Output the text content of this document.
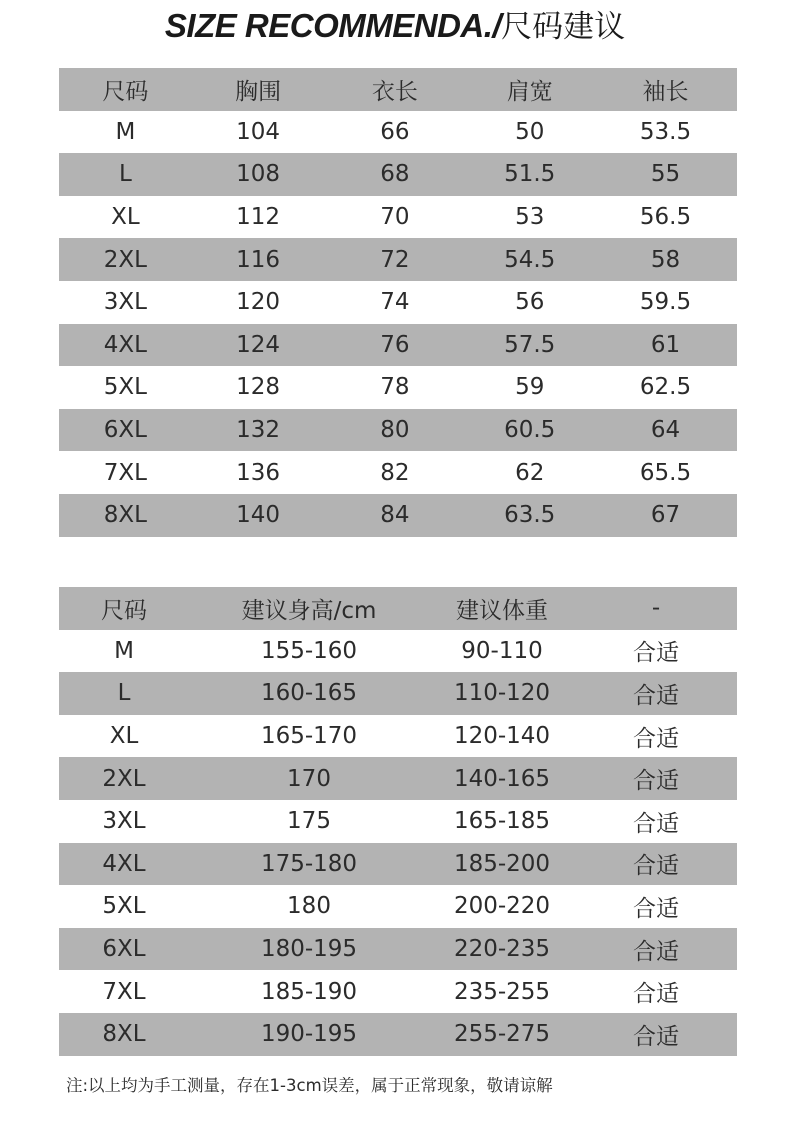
SIZE RECOMMENDA./尺码建议
尺码	胸围	衣长	肩宽	袖长
M	104	66	50	53.5
L	108	68	51.5	55
XL	112	70	53	56.5
2XL	116	72	54.5	58
3XL	120	74	56	59.5
4XL	124	76	57.5	61
5XL	128	78	59	62.5
6XL	132	80	60.5	64
7XL	136	82	62	65.5
8XL	140	84	63.5	67
尺码	建议身高/cm	建议体重	-
M	155-160	90-110	合适
L	160-165	110-120	合适
XL	165-170	120-140	合适
2XL	170	140-165	合适
3XL	175	165-185	合适
4XL	175-180	185-200	合适
5XL	180	200-220	合适
6XL	180-195	220-235	合适
7XL	185-190	235-255	合适
8XL	190-195	255-275	合适
注:以上均为手工测量，存在1-3cm误差，属于正常现象，敬请谅解
